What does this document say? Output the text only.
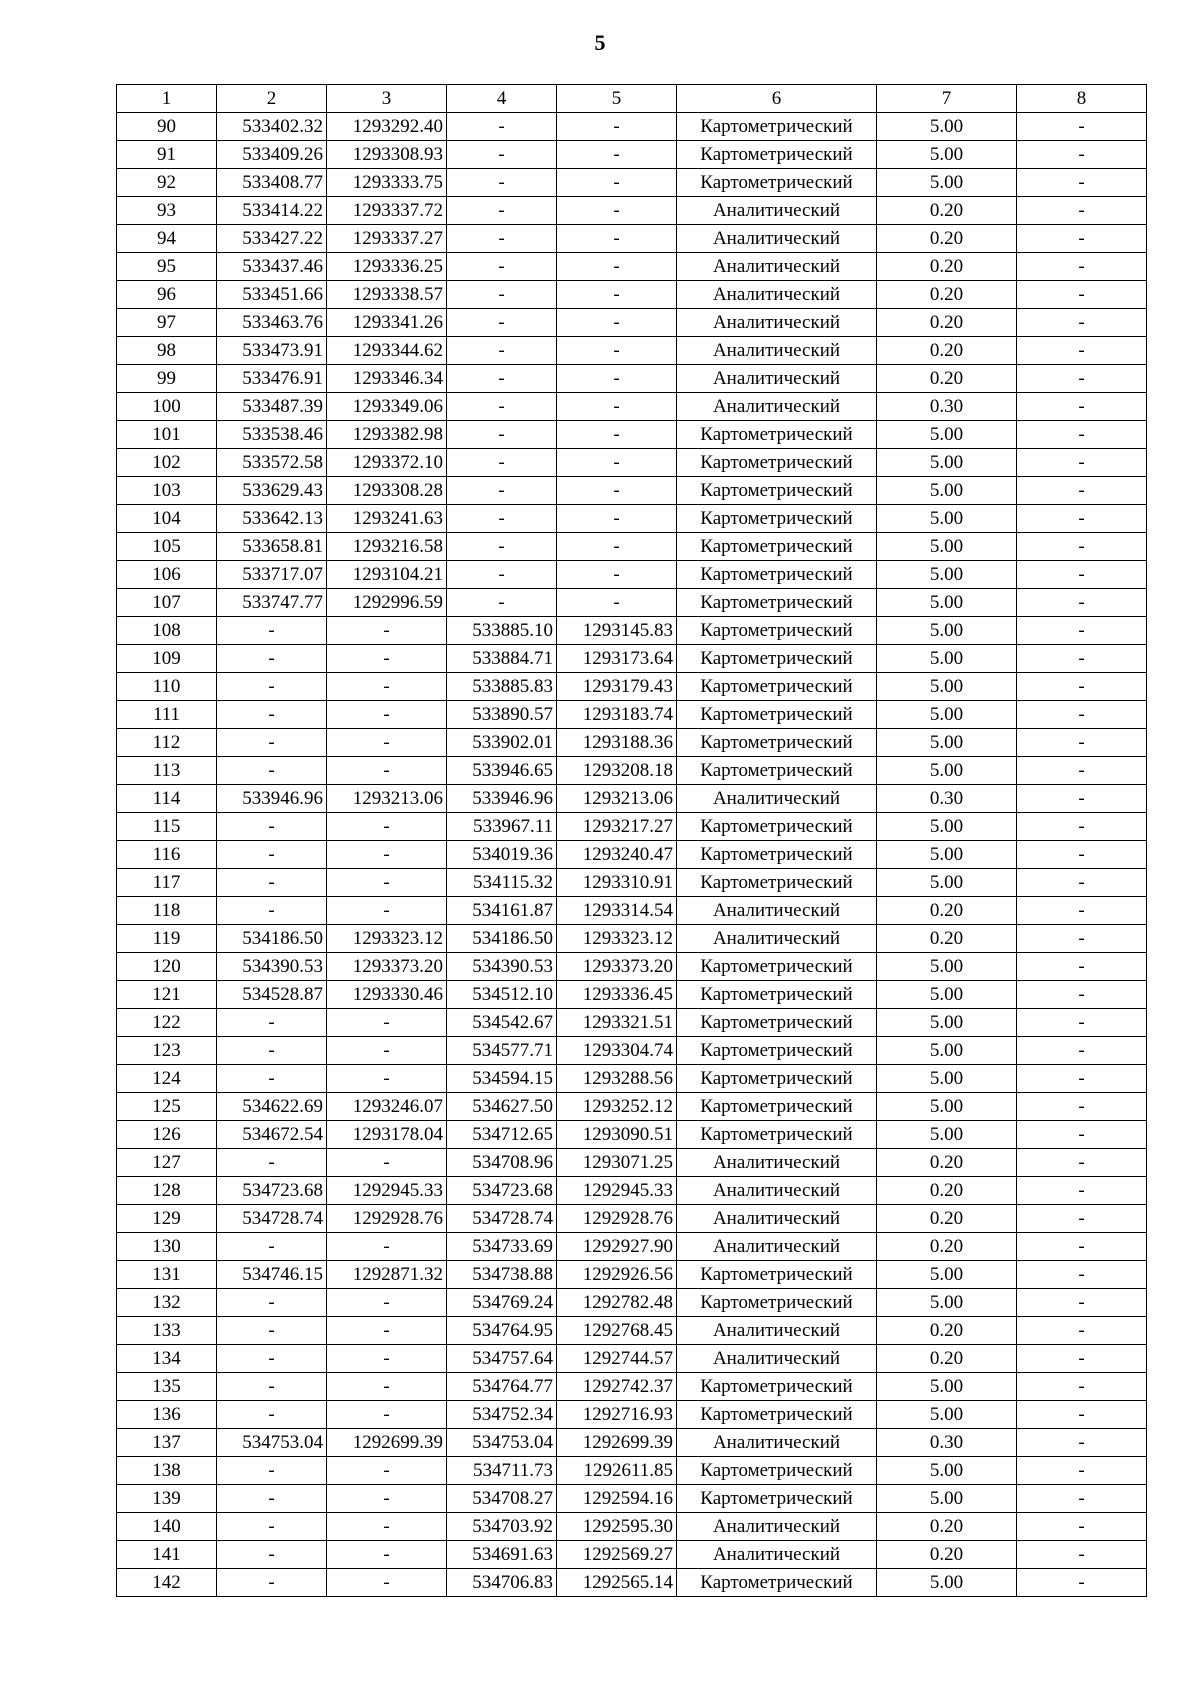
5
1	2	3	4	5	6	7	8
90	533402.32	1293292.40	-	-	Картометрический	5.00	-
91	533409.26	1293308.93	-	-	Картометрический	5.00	-
92	533408.77	1293333.75	-	-	Картометрический	5.00	-
93	533414.22	1293337.72	-	-	Аналитический	0.20	-
94	533427.22	1293337.27	-	-	Аналитический	0.20	-
95	533437.46	1293336.25	-	-	Аналитический	0.20	-
96	533451.66	1293338.57	-	-	Аналитический	0.20	-
97	533463.76	1293341.26	-	-	Аналитический	0.20	-
98	533473.91	1293344.62	-	-	Аналитический	0.20	-
99	533476.91	1293346.34	-	-	Аналитический	0.20	-
100	533487.39	1293349.06	-	-	Аналитический	0.30	-
101	533538.46	1293382.98	-	-	Картометрический	5.00	-
102	533572.58	1293372.10	-	-	Картометрический	5.00	-
103	533629.43	1293308.28	-	-	Картометрический	5.00	-
104	533642.13	1293241.63	-	-	Картометрический	5.00	-
105	533658.81	1293216.58	-	-	Картометрический	5.00	-
106	533717.07	1293104.21	-	-	Картометрический	5.00	-
107	533747.77	1292996.59	-	-	Картометрический	5.00	-
108	-	-	533885.10	1293145.83	Картометрический	5.00	-
109	-	-	533884.71	1293173.64	Картометрический	5.00	-
110	-	-	533885.83	1293179.43	Картометрический	5.00	-
111	-	-	533890.57	1293183.74	Картометрический	5.00	-
112	-	-	533902.01	1293188.36	Картометрический	5.00	-
113	-	-	533946.65	1293208.18	Картометрический	5.00	-
114	533946.96	1293213.06	533946.96	1293213.06	Аналитический	0.30	-
115	-	-	533967.11	1293217.27	Картометрический	5.00	-
116	-	-	534019.36	1293240.47	Картометрический	5.00	-
117	-	-	534115.32	1293310.91	Картометрический	5.00	-
118	-	-	534161.87	1293314.54	Аналитический	0.20	-
119	534186.50	1293323.12	534186.50	1293323.12	Аналитический	0.20	-
120	534390.53	1293373.20	534390.53	1293373.20	Картометрический	5.00	-
121	534528.87	1293330.46	534512.10	1293336.45	Картометрический	5.00	-
122	-	-	534542.67	1293321.51	Картометрический	5.00	-
123	-	-	534577.71	1293304.74	Картометрический	5.00	-
124	-	-	534594.15	1293288.56	Картометрический	5.00	-
125	534622.69	1293246.07	534627.50	1293252.12	Картометрический	5.00	-
126	534672.54	1293178.04	534712.65	1293090.51	Картометрический	5.00	-
127	-	-	534708.96	1293071.25	Аналитический	0.20	-
128	534723.68	1292945.33	534723.68	1292945.33	Аналитический	0.20	-
129	534728.74	1292928.76	534728.74	1292928.76	Аналитический	0.20	-
130	-	-	534733.69	1292927.90	Аналитический	0.20	-
131	534746.15	1292871.32	534738.88	1292926.56	Картометрический	5.00	-
132	-	-	534769.24	1292782.48	Картометрический	5.00	-
133	-	-	534764.95	1292768.45	Аналитический	0.20	-
134	-	-	534757.64	1292744.57	Аналитический	0.20	-
135	-	-	534764.77	1292742.37	Картометрический	5.00	-
136	-	-	534752.34	1292716.93	Картометрический	5.00	-
137	534753.04	1292699.39	534753.04	1292699.39	Аналитический	0.30	-
138	-	-	534711.73	1292611.85	Картометрический	5.00	-
139	-	-	534708.27	1292594.16	Картометрический	5.00	-
140	-	-	534703.92	1292595.30	Аналитический	0.20	-
141	-	-	534691.63	1292569.27	Аналитический	0.20	-
142	-	-	534706.83	1292565.14	Картометрический	5.00	-
